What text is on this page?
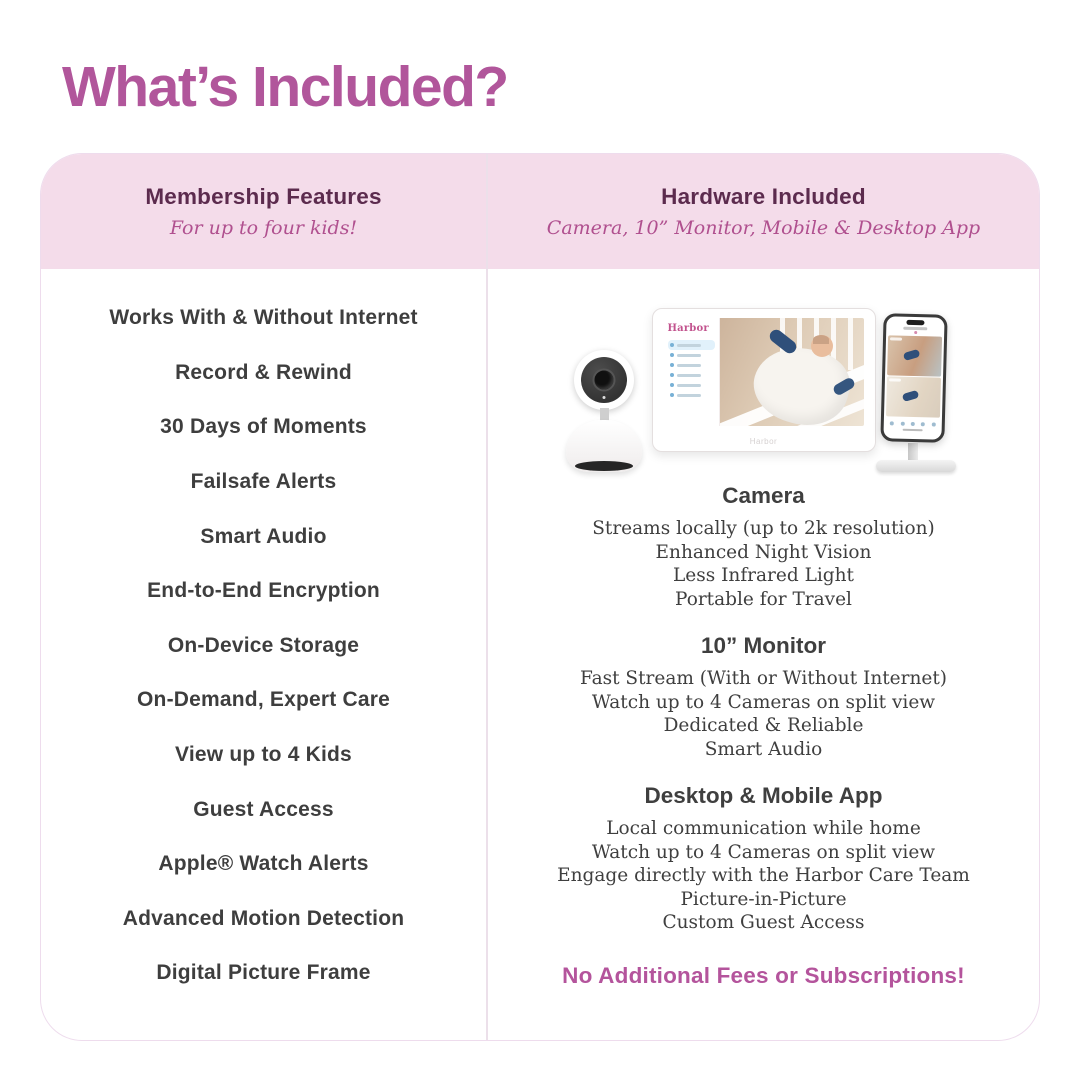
What’s Included?
Membership Features
For up to four kids!
Works With & Without Internet
Record & Rewind
30 Days of Moments
Failsafe Alerts
Smart Audio
End-to-End Encryption
On-Device Storage
On-Demand, Expert Care
View up to 4 Kids
Guest Access
Apple® Watch Alerts
Advanced Motion Detection
Digital Picture Frame
Hardware Included
Camera, 10” Monitor, Mobile & Desktop App
Harbor
Harbor
Camera

Streams locally (up to 2k resolution)

Enhanced Night Vision

Less Infrared Light

Portable for Travel

10” Monitor

Fast Stream (With or Without Internet)

Watch up to 4 Cameras on split view

Dedicated & Reliable

Smart Audio

Desktop & Mobile App

Local communication while home

Watch up to 4 Cameras on split view

Engage directly with the Harbor Care Team

Picture-in-Picture

Custom Guest Access

No Additional Fees or Subscriptions!
